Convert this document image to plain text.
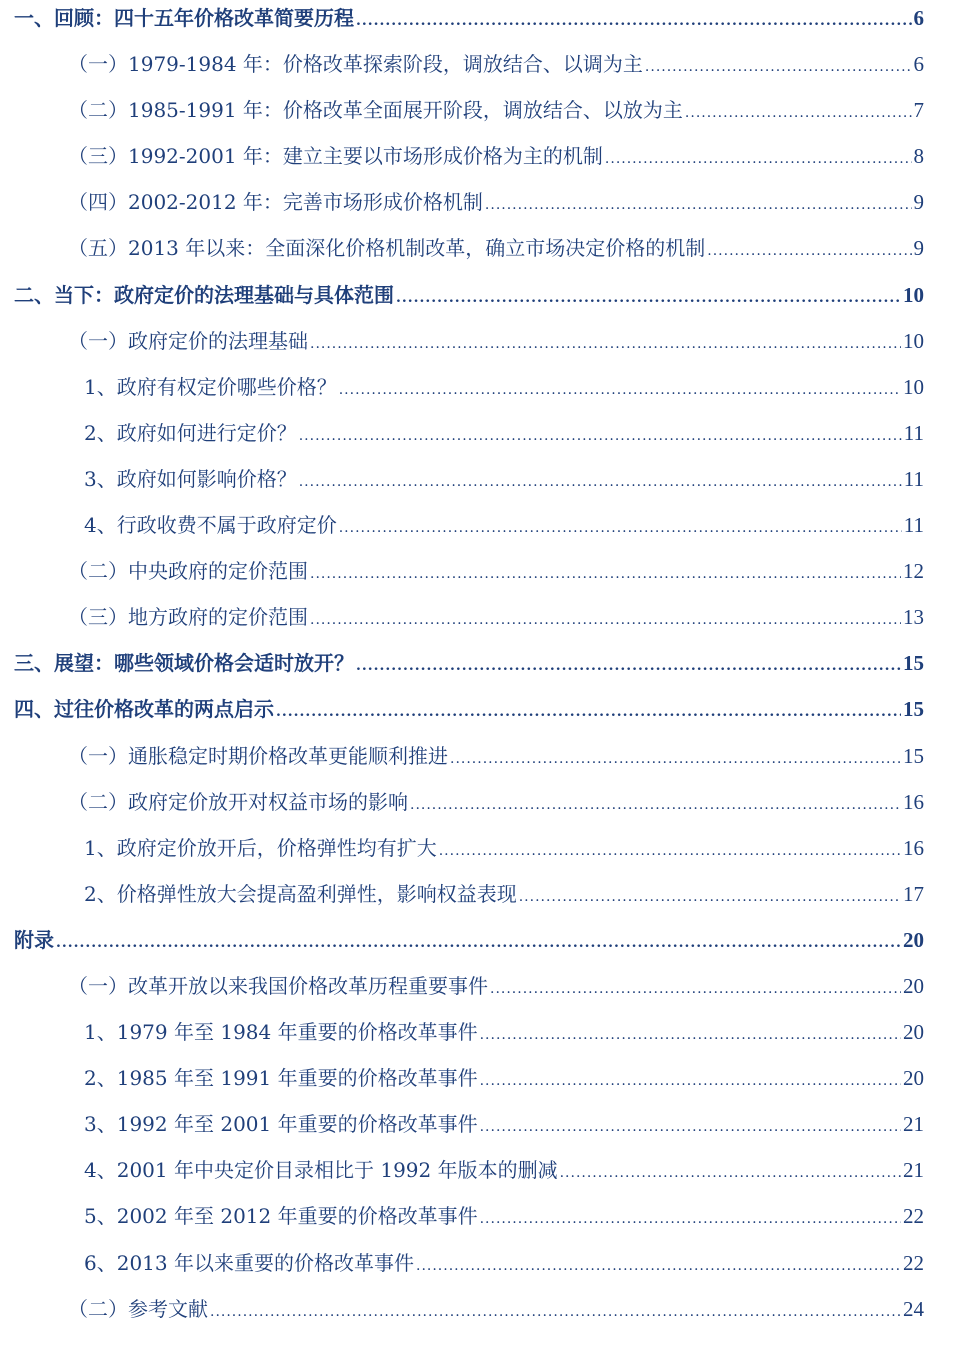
一、 回顾：四十五年价格改革简要历程 .....	6
（一） 1979-1984 年：价格改革探索阶段，调放结合、以调为主 .....	6
（二） 1985-1991 年：价格改革全面展开阶段，调放结合、以放为主 .....	7
（三） 1992-2001 年：建立主要以市场形成价格为主的机制 .....	8
（四） 2002-2012 年：完善市场形成价格机制 .....	9
（五） 2013 年以来：全面深化价格机制改革，确立市场决定价格的机制 .....	9
二、 当下：政府定价的法理基础与具体范围 .....	10
（一） 政府定价的法理基础 .....	10
1、 政府有权定价哪些价格？ .....	10
2、 政府如何进行定价？ .....	11
3、 政府如何影响价格？ .....	11
4、 行政收费不属于政府定价 .....	11
（二） 中央政府的定价范围 .....	12
（三） 地方政府的定价范围 .....	13
三、 展望：哪些领域价格会适时放开？ .....	15
四、 过往价格改革的两点启示 .....	15
（一） 通胀稳定时期价格改革更能顺利推进 .....	15
（二） 政府定价放开对权益市场的影响 .....	16
1、 政府定价放开后，价格弹性均有扩大 .....	16
2、 价格弹性放大会提高盈利弹性，影响权益表现 .....	17
附录 .....	20
（一） 改革开放以来我国价格改革历程重要事件 .....	20
1、 1979 年至 1984 年重要的价格改革事件 .....	20
2、 1985 年至 1991 年重要的价格改革事件 .....	20
3、 1992 年至 2001 年重要的价格改革事件 .....	21
4、 2001 年中央定价目录相比于 1992 年版本的删减 .....	21
5、 2002 年至 2012 年重要的价格改革事件 .....	22
6、 2013 年以来重要的价格改革事件 .....	22
（二） 参考文献 .....	24
